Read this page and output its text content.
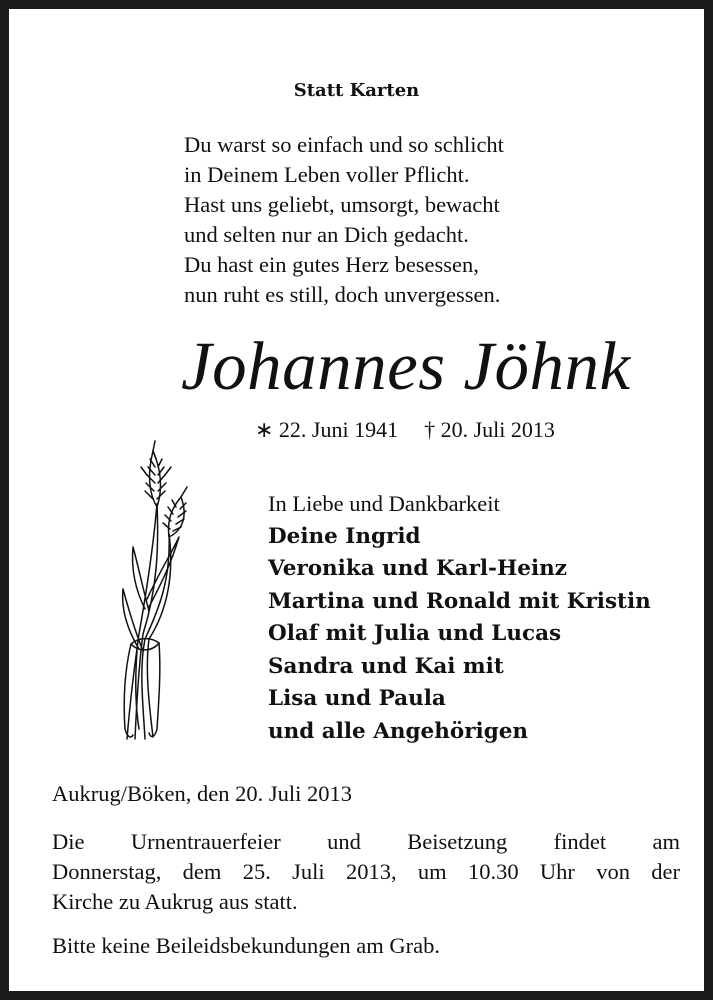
Statt Karten
Du warst so einfach und so schlicht
in Deinem Leben voller Pflicht.
Hast uns geliebt, umsorgt, bewacht
und selten nur an Dich gedacht.
Du hast ein gutes Herz besessen,
nun ruht es still, doch unvergessen.
Johannes Jöhnk
∗ 22. Juni 1941 † 20. Juli 2013
In Liebe und Dankbarkeit
Deine Ingrid
Veronika und Karl-Heinz
Martina und Ronald mit Kristin
Olaf mit Julia und Lucas
Sandra und Kai mit
Lisa und Paula
und alle Angehörigen
Aukrug/Böken, den 20. Juli 2013
Die Urnentrauerfeier und Beisetzung findet am
Donnerstag, dem 25. Juli 2013, um 10.30 Uhr von der
Kirche zu Aukrug aus statt.
Bitte keine Beileidsbekundungen am Grab.
